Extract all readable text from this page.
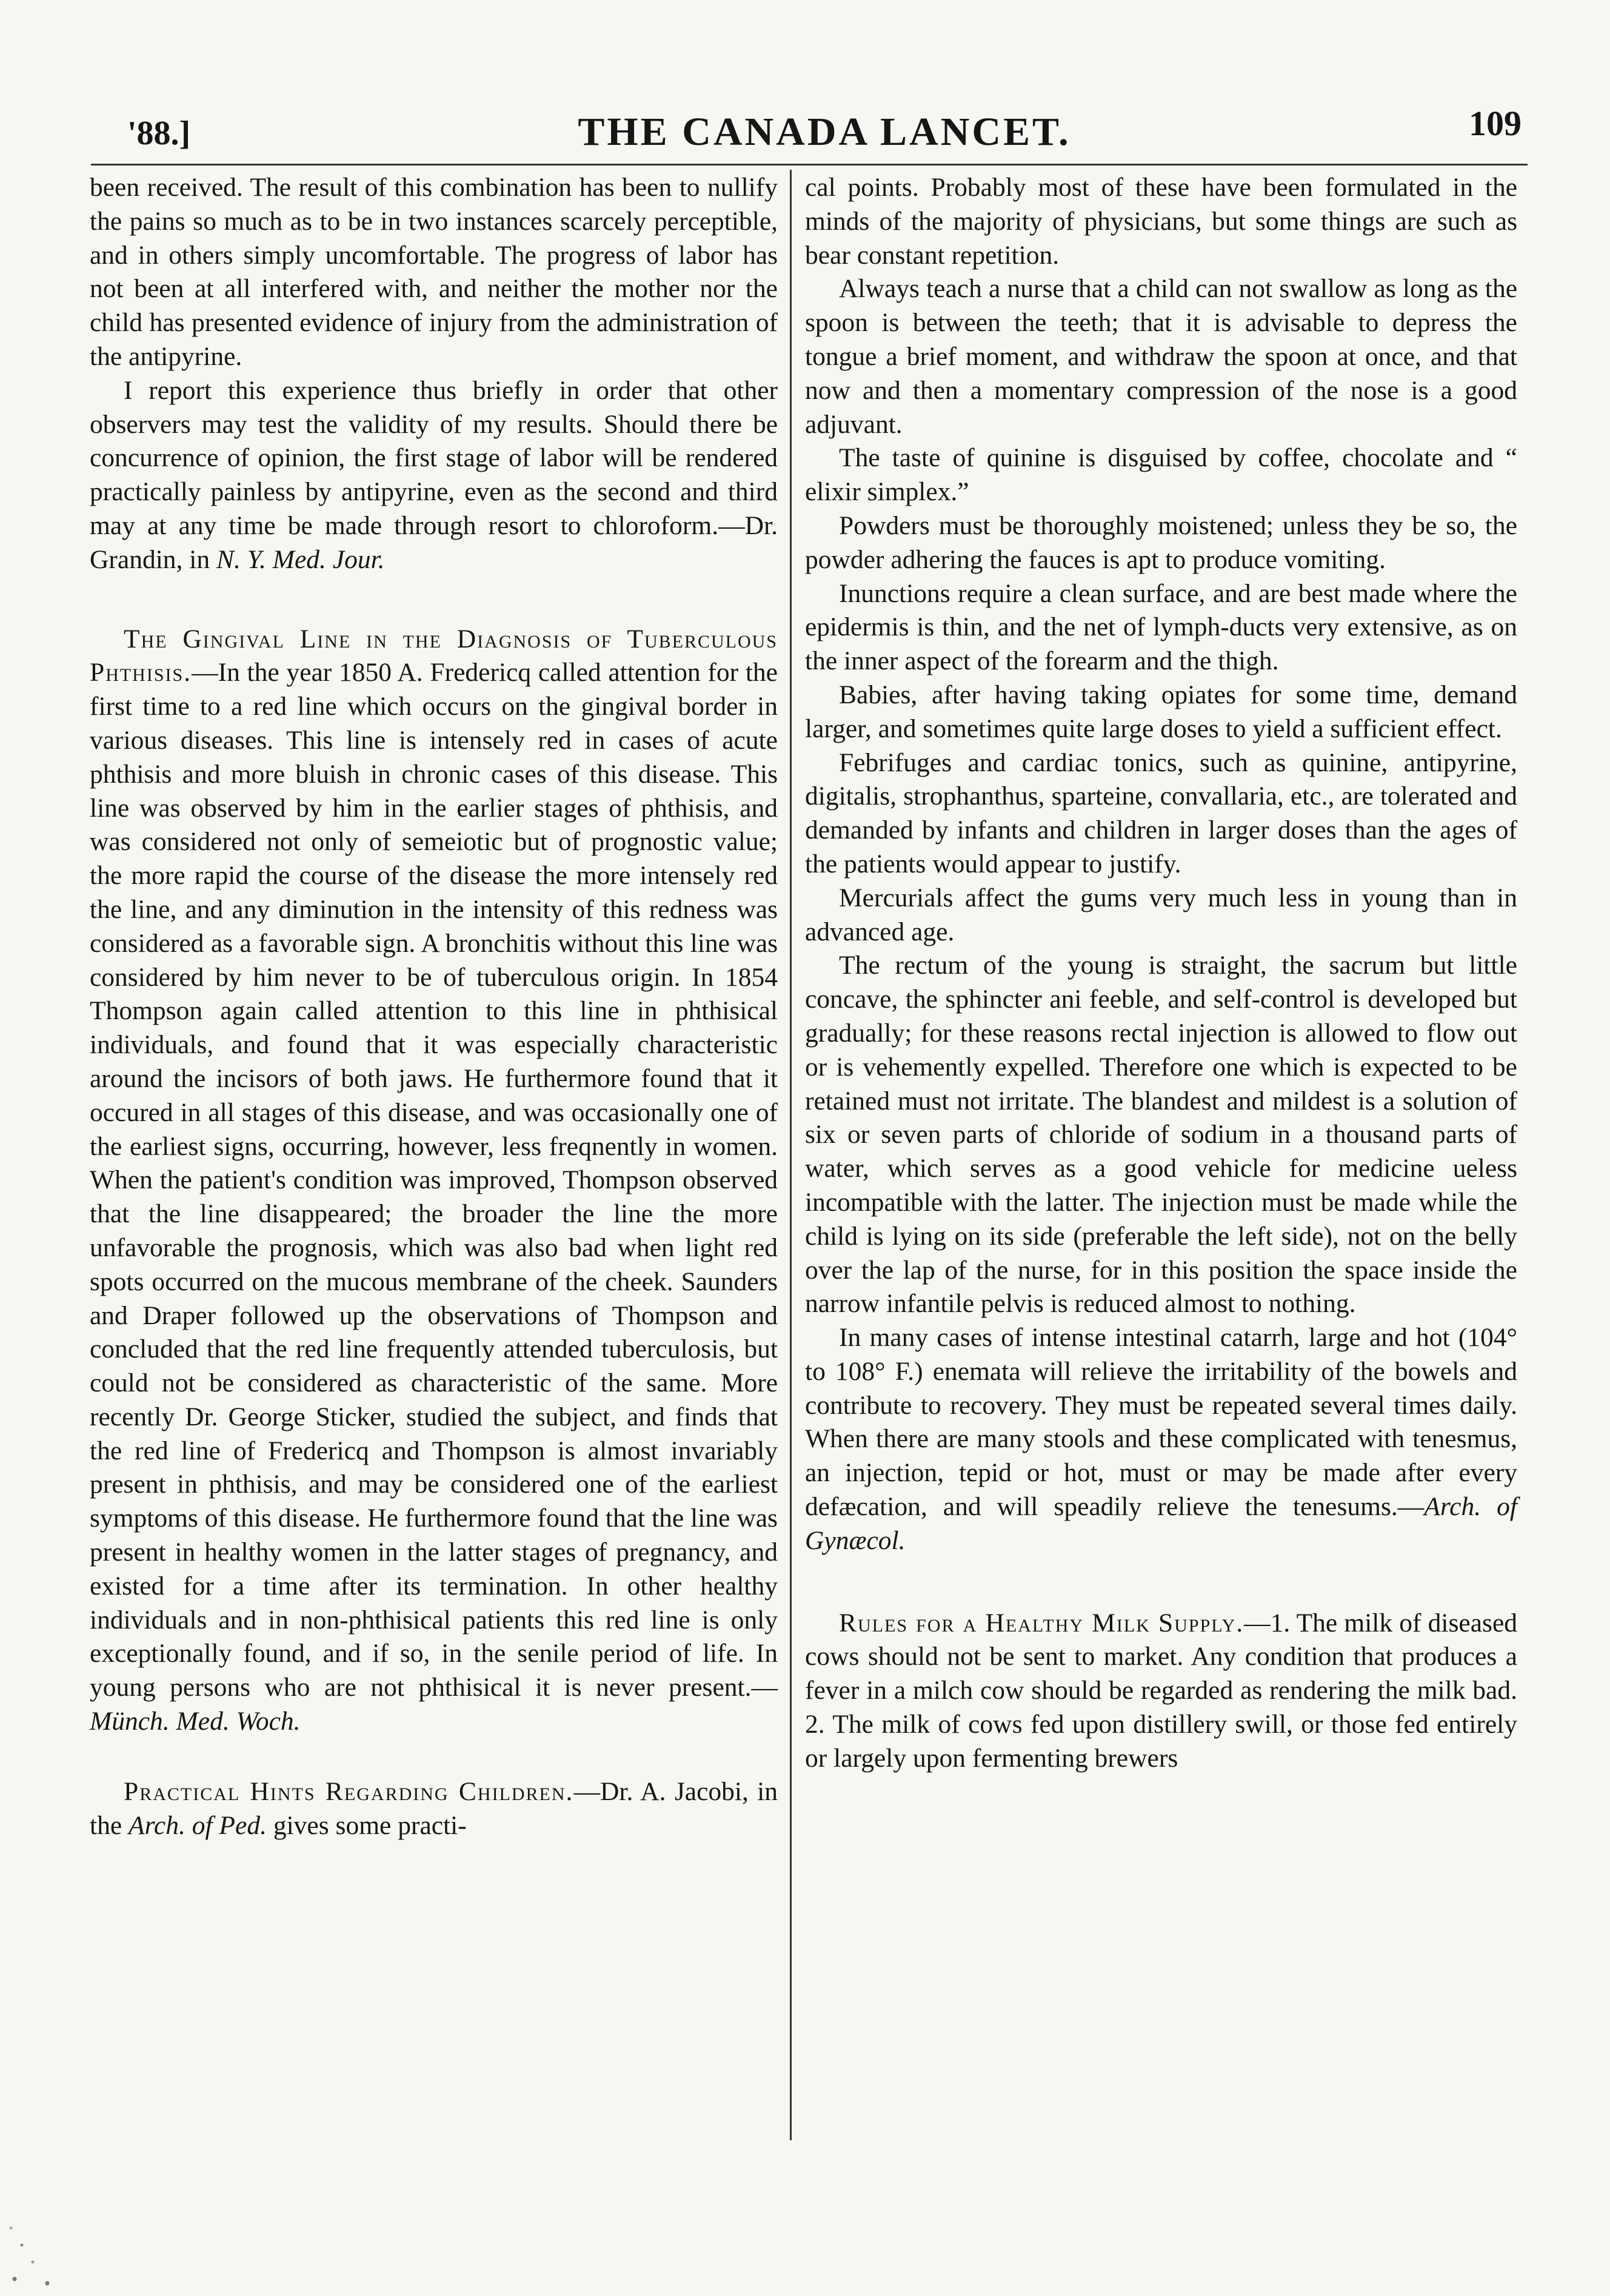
'88.]	THE CANADA LANCET.	109

been received. The result of this combination has been to nullify the pains so much as to be in two instances scarcely perceptible, and in others simply uncomfortable. The progress of labor has not been at all interfered with, and neither the mother nor the child has presented evidence of injury from the administration of the antipyrine.

I report this experience thus briefly in order that other observers may test the validity of my results. Should there be concurrence of opinion, the first stage of labor will be rendered practically painless by antipyrine, even as the second and third may at any time be made through resort to chloroform.—Dr. Grandin, in N. Y. Med. Jour.

The Gingival Line in the Diagnosis of Tuberculous Phthisis.—In the year 1850 A. Fredericq called attention for the first time to a red line which occurs on the gingival border in various diseases. This line is intensely red in cases of acute phthisis and more bluish in chronic cases of this disease. This line was observed by him in the earlier stages of phthisis, and was considered not only of semeiotic but of prognostic value; the more rapid the course of the disease the more intensely red the line, and any diminution in the intensity of this redness was considered as a favorable sign. A bronchitis without this line was considered by him never to be of tuberculous origin. In 1854 Thompson again called attention to this line in phthisical individuals, and found that it was especially characteristic around the incisors of both jaws. He furthermore found that it occured in all stages of this disease, and was occasionally one of the earliest signs, occurring, however, less freqnently in women. When the patient's condition was improved, Thompson observed that the line disappeared; the broader the line the more unfavorable the prognosis, which was also bad when light red spots occurred on the mucous membrane of the cheek. Saunders and Draper followed up the observations of Thompson and concluded that the red line frequently attended tuberculosis, but could not be considered as characteristic of the same. More recently Dr. George Sticker, studied the subject, and finds that the red line of Fredericq and Thompson is almost invariably present in phthisis, and may be considered one of the earliest symptoms of this disease. He furthermore found that the line was present in healthy women in the latter stages of pregnancy, and existed for a time after its termination. In other healthy individuals and in non-phthisical patients this red line is only exceptionally found, and if so, in the senile period of life. In young persons who are not phthisical it is never present.—Münch. Med. Woch.

Practical Hints Regarding Children.—Dr. A. Jacobi, in the Arch. of Ped. gives some practi-

cal points. Probably most of these have been formulated in the minds of the majority of physicians, but some things are such as bear constant repetition.

Always teach a nurse that a child can not swallow as long as the spoon is between the teeth; that it is advisable to depress the tongue a brief moment, and withdraw the spoon at once, and that now and then a momentary compression of the nose is a good adjuvant.

The taste of quinine is disguised by coffee, chocolate and “ elixir simplex.”

Powders must be thoroughly moistened; unless they be so, the powder adhering the fauces is apt to produce vomiting.

Inunctions require a clean surface, and are best made where the epidermis is thin, and the net of lymph-ducts very extensive, as on the inner aspect of the forearm and the thigh.

Babies, after having taking opiates for some time, demand larger, and sometimes quite large doses to yield a sufficient effect.

Febrifuges and cardiac tonics, such as quinine, antipyrine, digitalis, strophanthus, sparteine, convallaria, etc., are tolerated and demanded by infants and children in larger doses than the ages of the patients would appear to justify.

Mercurials affect the gums very much less in young than in advanced age.

The rectum of the young is straight, the sacrum but little concave, the sphincter ani feeble, and self-control is developed but gradually; for these reasons rectal injection is allowed to flow out or is vehemently expelled. Therefore one which is expected to be retained must not irritate. The blandest and mildest is a solution of six or seven parts of chloride of sodium in a thousand parts of water, which serves as a good vehicle for medicine ueless incompatible with the latter. The injection must be made while the child is lying on its side (preferable the left side), not on the belly over the lap of the nurse, for in this position the space inside the narrow infantile pelvis is reduced almost to nothing.

In many cases of intense intestinal catarrh, large and hot (104° to 108° F.) enemata will relieve the irritability of the bowels and contribute to recovery. They must be repeated several times daily. When there are many stools and these complicated with tenesmus, an injection, tepid or hot, must or may be made after every defæcation, and will speadily relieve the tenesums.—Arch. of Gynæcol.

Rules for a Healthy Milk Supply.—1. The milk of diseased cows should not be sent to market. Any condition that produces a fever in a milch cow should be regarded as rendering the milk bad. 2. The milk of cows fed upon distillery swill, or those fed entirely or largely upon fermenting brewers
